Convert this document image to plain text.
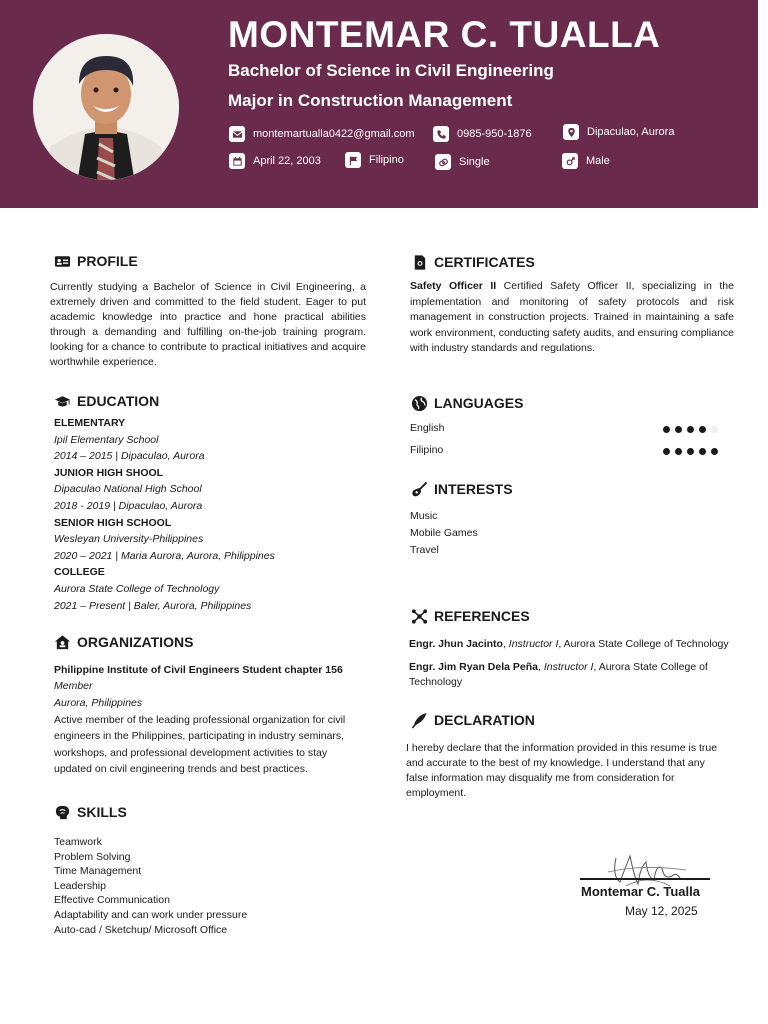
MONTEMAR C. TUALLA
Bachelor of Science in Civil Engineering
Major in Construction Management
montemartualla0422@gmail.com	0985-950-1876	Dipaculao, Aurora
April 22, 2003	Filipino	Single	Male
PROFILE
Currently studying a Bachelor of Science in Civil Engineering, a extremely driven and committed to the field student. Eager to put academic knowledge into practice and hone practical abilities through a demanding and fulfilling on-the-job training program. looking for a chance to contribute to practical initiatives and acquire worthwhile experience.
EDUCATION
ELEMENTARY
Ipil Elementary School
2014 – 2015 | Dipaculao, Aurora
JUNIOR HIGH SHOOL
Dipaculao National High School
2018 - 2019 | Dipaculao, Aurora
SENIOR HIGH SCHOOL
Wesleyan University-Philippines
2020 – 2021 | Maria Aurora, Aurora, Philippines
COLLEGE
Aurora State College of Technology
2021 – Present | Baler, Aurora, Philippines
ORGANIZATIONS
Philippine Institute of Civil Engineers Student chapter 156
Member
Aurora, Philippines
Active member of the leading professional organization for civil engineers in the Philippines, participating in industry seminars, workshops, and professional development activities to stay updated on civil engineering trends and best practices.
SKILLS
Teamwork
Problem Solving
Time Management
Leadership
Effective Communication
Adaptability and can work under pressure
Auto-cad / Sketchup/ Microsoft Office
CERTIFICATES
Safety Officer II Certified Safety Officer II, specializing in the implementation and monitoring of safety protocols and risk management in construction projects. Trained in maintaining a safe work environment, conducting safety audits, and ensuring compliance with industry standards and regulations.
LANGUAGES
English
Filipino
INTERESTS
Music
Mobile Games
Travel
REFERENCES
Engr. Jhun Jacinto, Instructor I, Aurora State College of Technology
Engr. Jim Ryan Dela Peña, Instructor I, Aurora State College of Technology
DECLARATION
I hereby declare that the information provided in this resume is true and accurate to the best of my knowledge. I understand that any false information may disqualify me from consideration for employment.
Montemar C. Tualla
May 12, 2025
